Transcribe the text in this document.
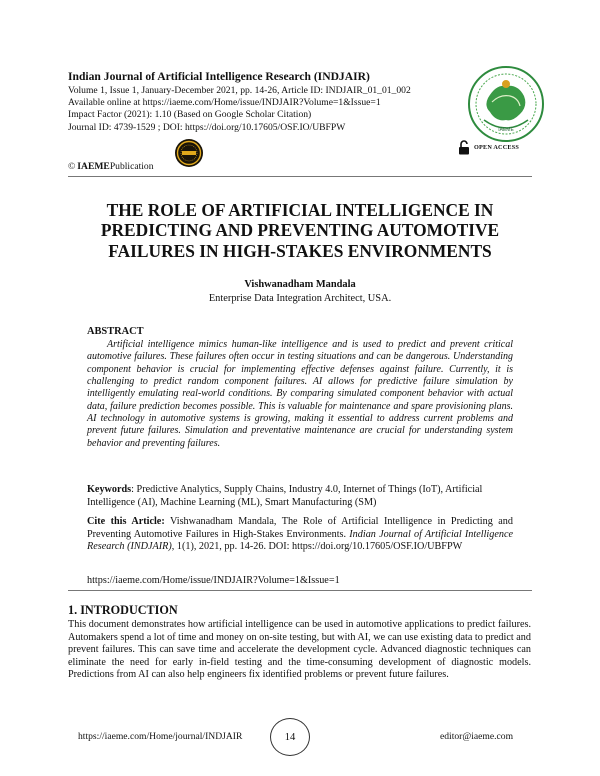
Indian Journal of Artificial Intelligence Research (INDJAIR)
Volume 1, Issue 1, January-December 2021, pp. 14-26, Article ID: INDJAIR_01_01_002
Available online at https://iaeme.com/Home/issue/INDJAIR?Volume=1&Issue=1
Impact Factor (2021): 1.10 (Based on Google Scholar Citation)
Journal ID: 4739-1529 ; DOI: https://doi.org/10.17605/OSF.IO/UBFPW	IAEME
OPEN ACCESS
© IAEME Publication
THE ROLE OF ARTIFICIAL INTELLIGENCE IN
PREDICTING AND PREVENTING AUTOMOTIVE
FAILURES IN HIGH-STAKES ENVIRONMENTS
Vishwanadham Mandala
Enterprise Data Integration Architect, USA.
ABSTRACT
Artificial intelligence mimics human-like intelligence and is used to predict and prevent critical automotive failures. These failures often occur in testing situations and can be dangerous. Understanding component behavior is crucial for implementing effective defenses against failure. Currently, it is challenging to predict random component failures. AI allows for predictive failure simulation by intelligently emulating real-world conditions. By comparing simulated component behavior with actual data, failure prediction becomes possible. This is valuable for maintenance and spare provisioning plans. AI technology in automotive systems is growing, making it essential to address current problems and prevent future failures. Simulation and preventative maintenance are crucial for understanding system behavior and preventing failures.
Keywords: Predictive Analytics, Supply Chains, Industry 4.0, Internet of Things (IoT), Artificial Intelligence (AI), Machine Learning (ML), Smart Manufacturing (SM)
Cite this Article: Vishwanadham Mandala, The Role of Artificial Intelligence in Predicting and Preventing Automotive Failures in High-Stakes Environments. Indian Journal of Artificial Intelligence Research (INDJAIR), 1(1), 2021, pp. 14-26. DOI: https://doi.org/10.17605/OSF.IO/UBFPW
https://iaeme.com/Home/issue/INDJAIR?Volume=1&Issue=1
1. INTRODUCTION
This document demonstrates how artificial intelligence can be used in automotive applications to predict failures. Automakers spend a lot of time and money on on-site testing, but with AI, we can use existing data to predict and prevent failures. This can save time and accelerate the development cycle. Advanced diagnostic techniques can eliminate the need for early in-field testing and the time-consuming development of diagnostic models. Predictions from AI can also help engineers fix identified problems or prevent future failures.
https://iaeme.com/Home/journal/INDJAIR	14	editor@iaeme.com
